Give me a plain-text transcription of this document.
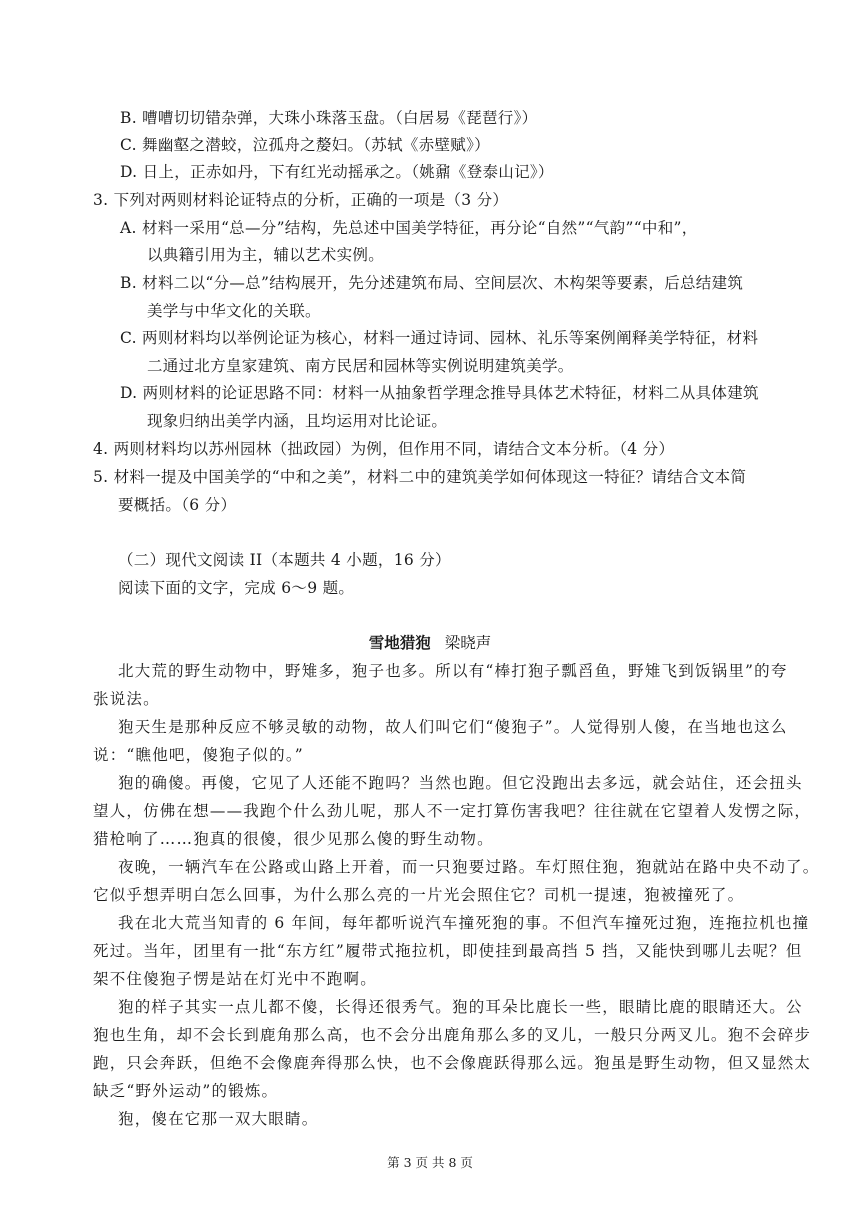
B. 嘈嘈切切错杂弹，大珠小珠落玉盘。（白居易《琵琶行》）
C. 舞幽壑之潜蛟，泣孤舟之嫠妇。（苏轼《赤壁赋》）
D. 日上，正赤如丹，下有红光动摇承之。（姚鼐《登泰山记》）
3. 下列对两则材料论证特点的分析，正确的一项是（3 分）
A. 材料一采用“总—分”结构，先总述中国美学特征，再分论“自然”“气韵”“中和”，
以典籍引用为主，辅以艺术实例。
B. 材料二以“分—总”结构展开，先分述建筑布局、空间层次、木构架等要素，后总结建筑
美学与中华文化的关联。
C. 两则材料均以举例论证为核心，材料一通过诗词、园林、礼乐等案例阐释美学特征，材料
二通过北方皇家建筑、南方民居和园林等实例说明建筑美学。
D. 两则材料的论证思路不同：材料一从抽象哲学理念推导具体艺术特征，材料二从具体建筑
现象归纳出美学内涵，且均运用对比论证。
4. 两则材料均以苏州园林（拙政园）为例，但作用不同，请结合文本分析。（4 分）
5. 材料一提及中国美学的“中和之美”，材料二中的建筑美学如何体现这一特征？请结合文本简
要概括。（6 分）
（二）现代文阅读 II（本题共 4 小题，16 分）
阅读下面的文字，完成 6～9 题。
雪地猎狍 梁晓声
北大荒的野生动物中，野雉多，狍子也多。所以有“棒打狍子瓢舀鱼，野雉飞到饭锅里”的夸
张说法。
狍天生是那种反应不够灵敏的动物，故人们叫它们“傻狍子”。人觉得别人傻，在当地也这么
说：“瞧他吧，傻狍子似的。”
狍的确傻。再傻，它见了人还能不跑吗？当然也跑。但它没跑出去多远，就会站住，还会扭头
望人，仿佛在想——我跑个什么劲儿呢，那人不一定打算伤害我吧？往往就在它望着人发愣之际，
猎枪响了……狍真的很傻，很少见那么傻的野生动物。
夜晚，一辆汽车在公路或山路上开着，而一只狍要过路。车灯照住狍，狍就站在路中央不动了。
它似乎想弄明白怎么回事，为什么那么亮的一片光会照住它？司机一提速，狍被撞死了。
我在北大荒当知青的 6 年间，每年都听说汽车撞死狍的事。不但汽车撞死过狍，连拖拉机也撞
死过。当年，团里有一批“东方红”履带式拖拉机，即使挂到最高挡 5 挡，又能快到哪儿去呢？但
架不住傻狍子愣是站在灯光中不跑啊。
狍的样子其实一点儿都不傻，长得还很秀气。狍的耳朵比鹿长一些，眼睛比鹿的眼睛还大。公
狍也生角，却不会长到鹿角那么高，也不会分出鹿角那么多的叉儿，一般只分两叉儿。狍不会碎步
跑，只会奔跃，但绝不会像鹿奔得那么快，也不会像鹿跃得那么远。狍虽是野生动物，但又显然太
缺乏“野外运动”的锻炼。
狍，傻在它那一双大眼睛。
第 3 页 共 8 页
